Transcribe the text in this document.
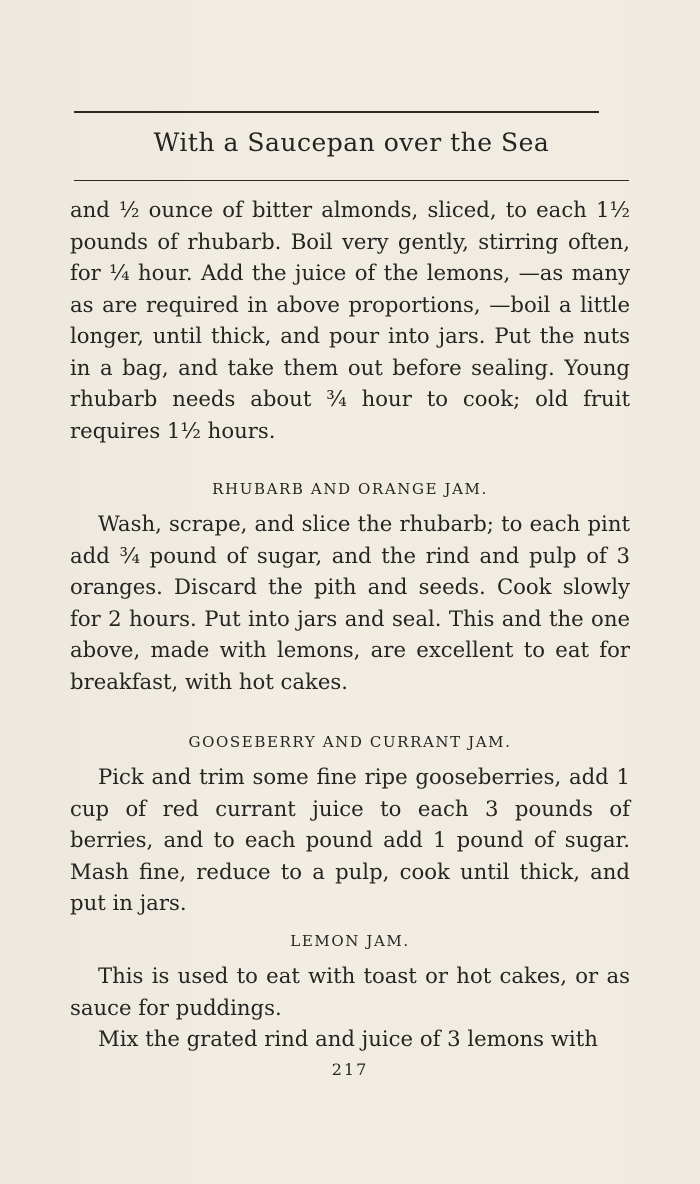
With a Saucepan over the Sea

and ½ ounce of bitter almonds, sliced, to each 1½ pounds of rhubarb. Boil very gently, stirring often, for ¼ hour. Add the juice of the lemons, —as many as are required in above proportions, —boil a little longer, until thick, and pour into jars. Put the nuts in a bag, and take them out before sealing. Young rhubarb needs about ¾ hour to cook; old fruit requires 1½ hours.

RHUBARB AND ORANGE JAM.

Wash, scrape, and slice the rhubarb; to each pint add ¾ pound of sugar, and the rind and pulp of 3 oranges. Discard the pith and seeds. Cook slowly for 2 hours. Put into jars and seal. This and the one above, made with lemons, are excellent to eat for breakfast, with hot cakes.

GOOSEBERRY AND CURRANT JAM.

Pick and trim some fine ripe gooseberries, add 1 cup of red currant juice to each 3 pounds of berries, and to each pound add 1 pound of sugar. Mash fine, reduce to a pulp, cook until thick, and put in jars.

LEMON JAM.

This is used to eat with toast or hot cakes, or as sauce for puddings.

Mix the grated rind and juice of 3 lemons with

217
